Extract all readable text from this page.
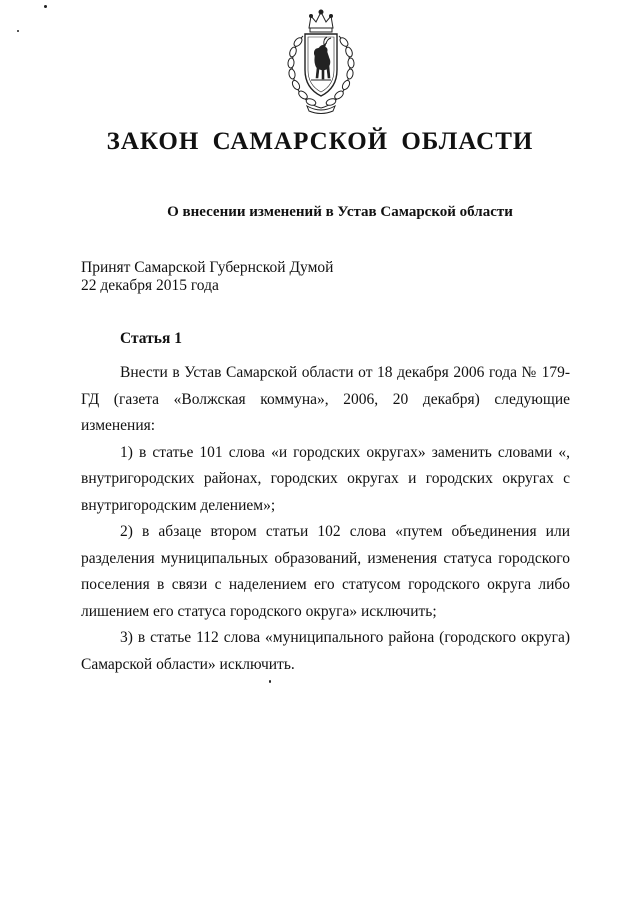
ЗАКОН САМАРСКОЙ ОБЛАСТИ
О внесении изменений в Устав Самарской области
Принят Самарской Губернской Думой
22 декабря 2015 года
Статья 1

Внести в Устав Самарской области от 18 декабря 2006 года № 179-ГД (газета «Волжская коммуна», 2006, 20 декабря) следующие изменения:

1) в статье 101 слова «и городских округах» заменить словами «, внутригородских районах, городских округах и городских округах с внутригородским делением»;

2) в абзаце втором статьи 102 слова «путем объединения или разделения муниципальных образований, изменения статуса городского поселения в связи с наделением его статусом городского округа либо лишением его статуса городского округа» исключить;

3) в статье 112 слова «муниципального района (городского округа) Самарской области» исключить.
